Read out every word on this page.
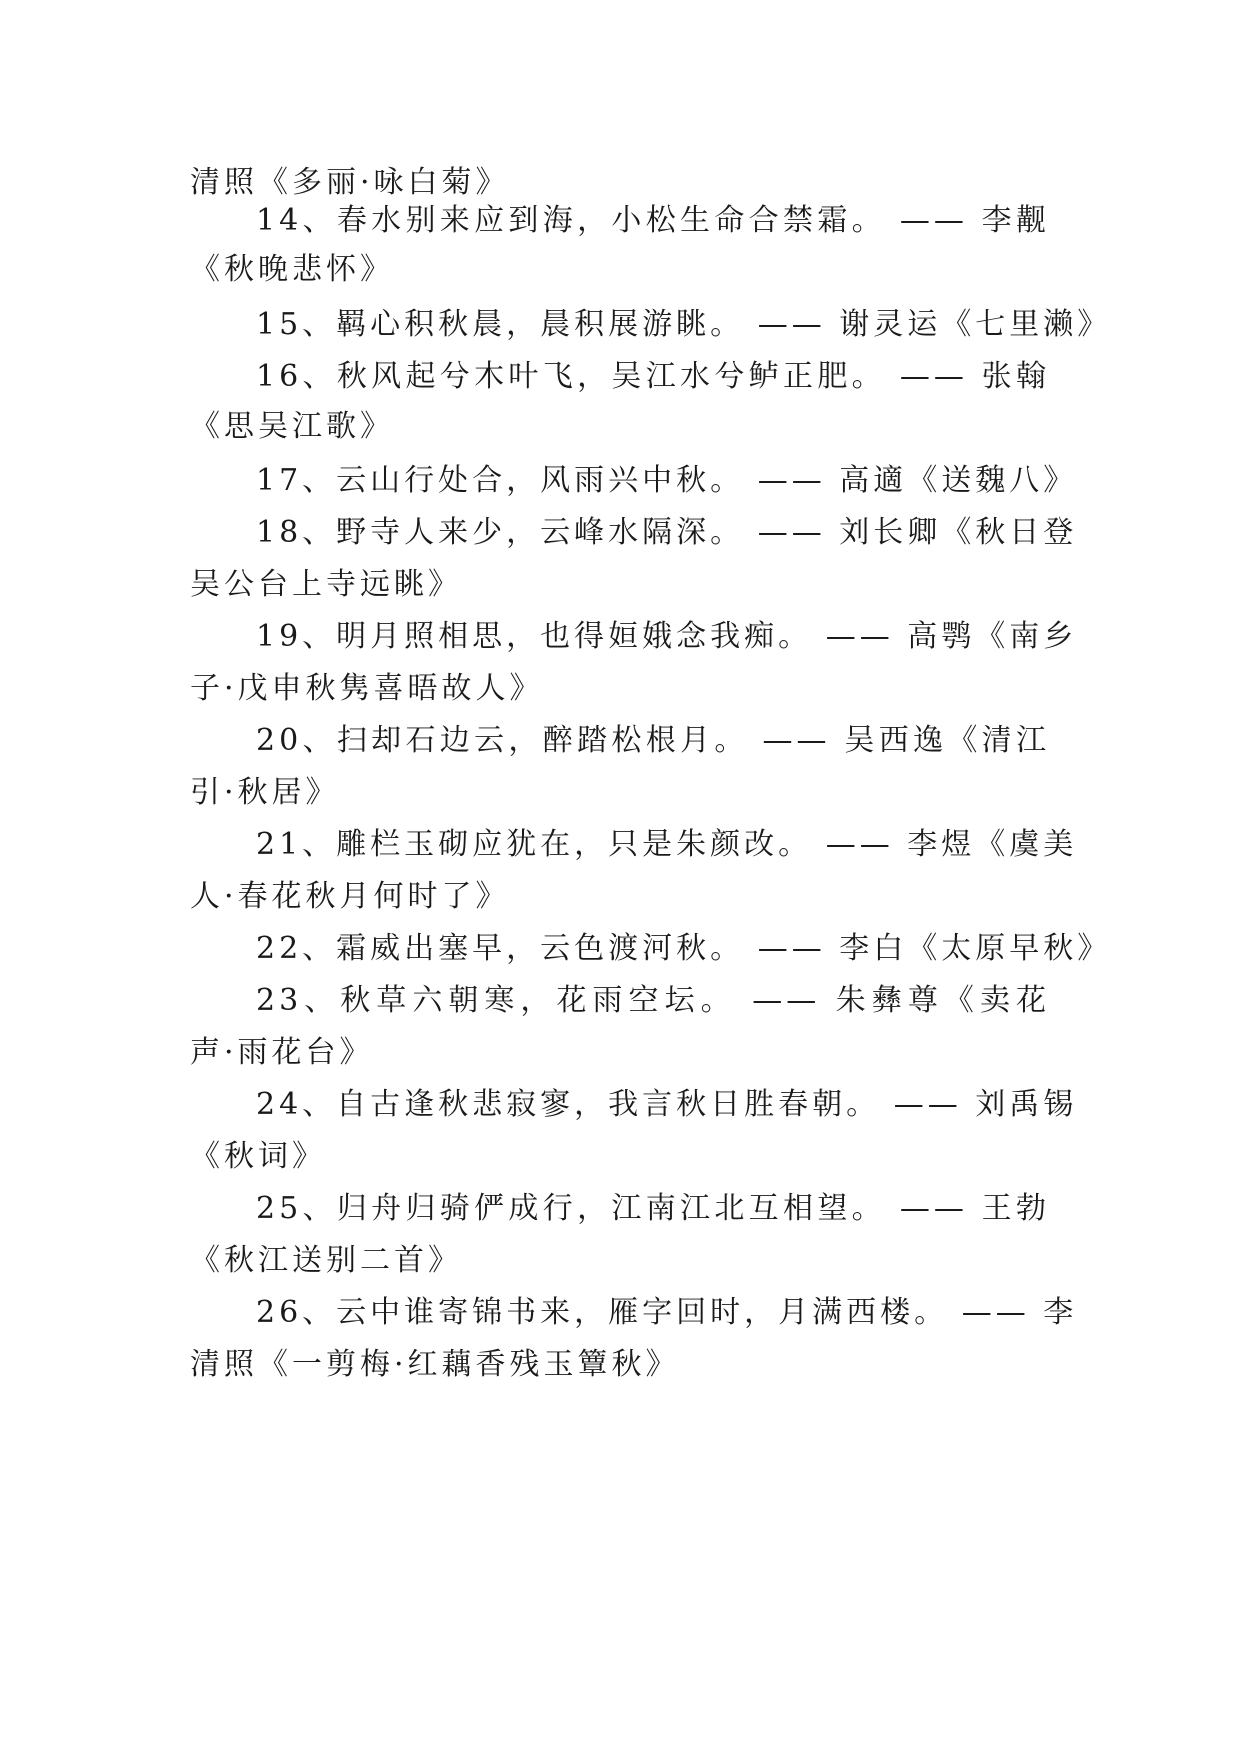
清照《多丽·咏白菊》
14、春水别来应到海，小松生命合禁霜。 —— 李觏
《秋晚悲怀》
15、羁心积秋晨，晨积展游眺。 —— 谢灵运《七里濑》
16、秋风起兮木叶飞，吴江水兮鲈正肥。 —— 张翰
《思吴江歌》
17、云山行处合，风雨兴中秋。 —— 高適《送魏八》
18、野寺人来少，云峰水隔深。 —— 刘长卿《秋日登
吴公台上寺远眺》
19、明月照相思，也得姮娥念我痴。 —— 高鹗《南乡
子·戊申秋隽喜晤故人》
20、扫却石边云，醉踏松根月。 —— 吴西逸《清江
引·秋居》
21、雕栏玉砌应犹在，只是朱颜改。 —— 李煜《虞美
人·春花秋月何时了》
22、霜威出塞早，云色渡河秋。 —— 李白《太原早秋》
23、秋草六朝寒，花雨空坛。 —— 朱彝尊《卖花
声·雨花台》
24、自古逢秋悲寂寥，我言秋日胜春朝。 —— 刘禹锡
《秋词》
25、归舟归骑俨成行，江南江北互相望。 —— 王勃
《秋江送别二首》
26、云中谁寄锦书来，雁字回时，月满西楼。 —— 李
清照《一剪梅·红藕香残玉簟秋》
